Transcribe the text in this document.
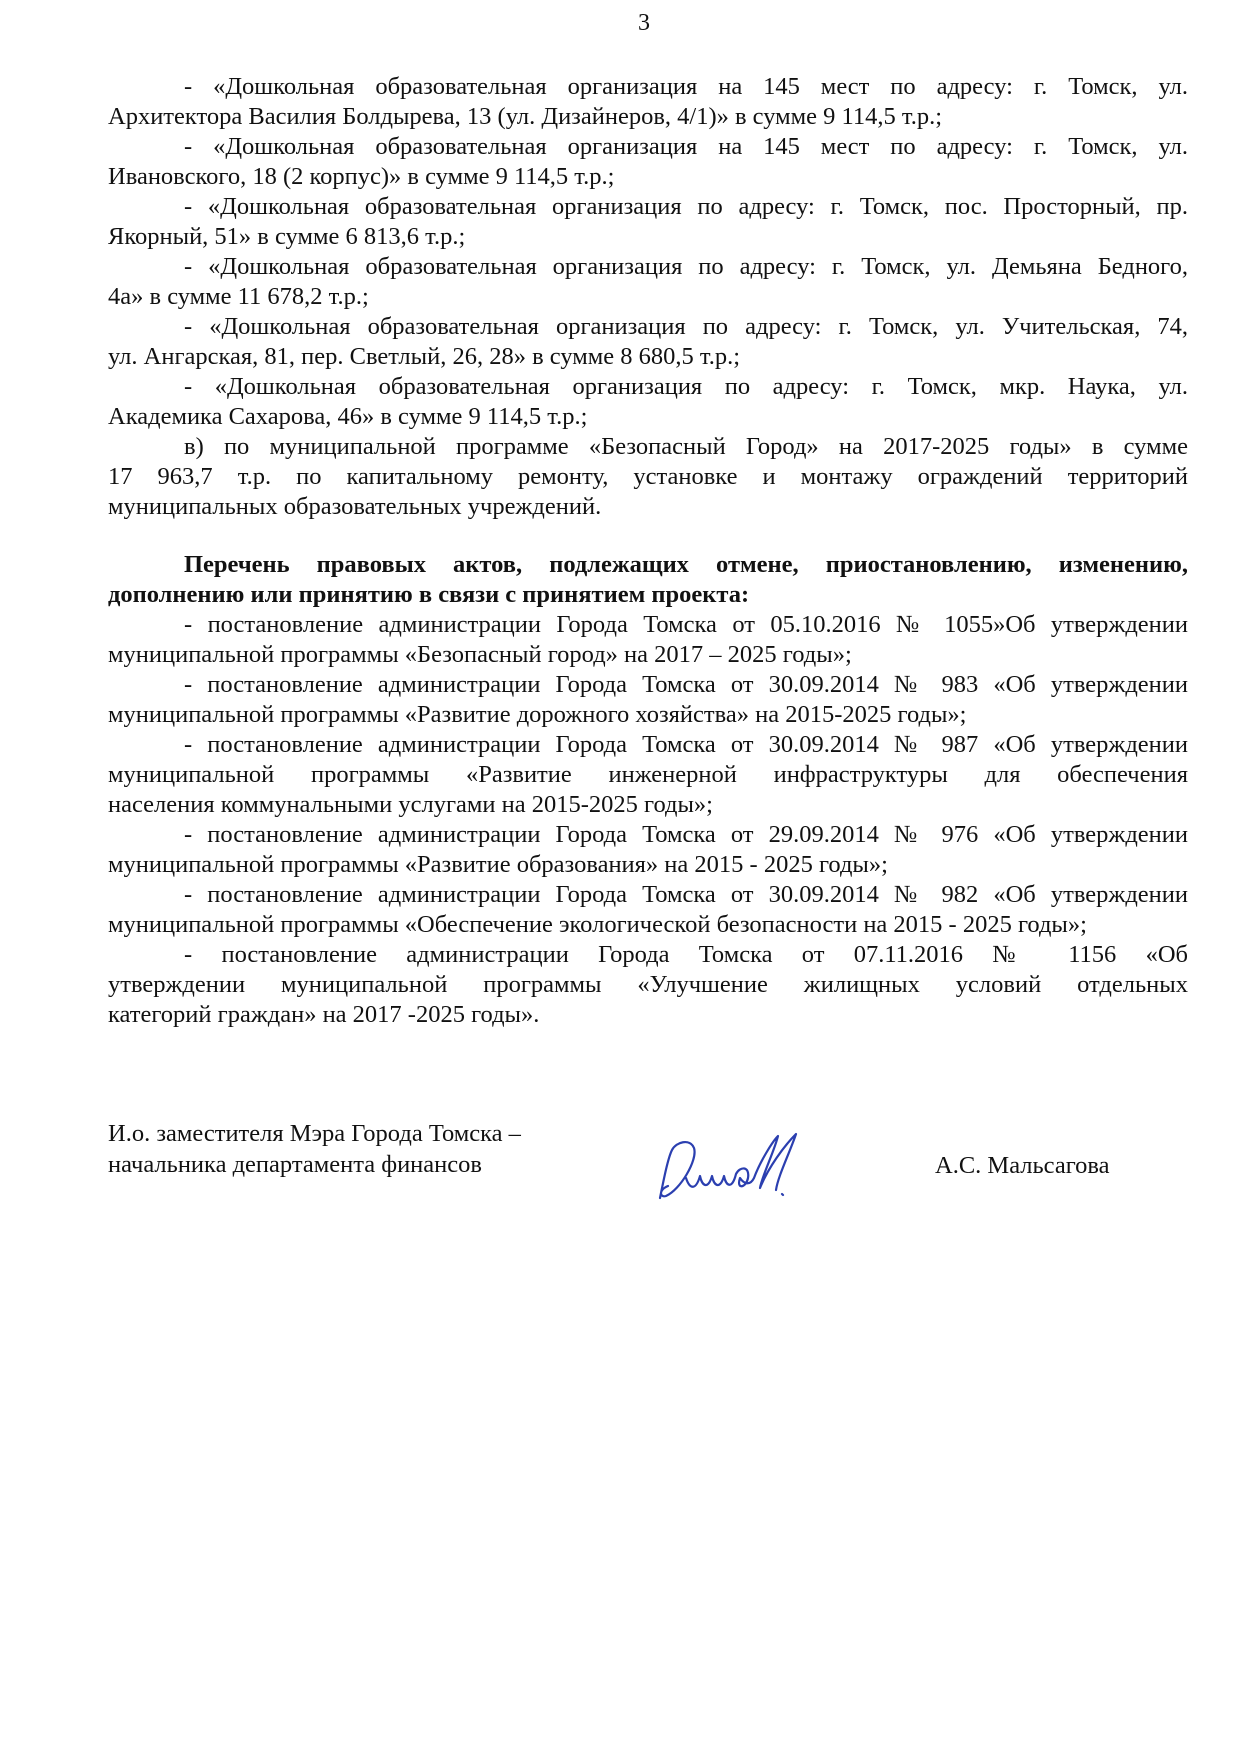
3
- «Дошкольная образовательная организация на 145 мест по адресу: г. Томск, ул.
Архитектора Василия Болдырева, 13 (ул. Дизайнеров, 4/1)» в сумме 9 114,5 т.р.;
- «Дошкольная образовательная организация на 145 мест по адресу: г. Томск, ул.
Ивановского, 18 (2 корпус)» в сумме 9 114,5 т.р.;
- «Дошкольная образовательная организация по адресу: г. Томск, пос. Просторный, пр.
Якорный, 51» в сумме 6 813,6 т.р.;
- «Дошкольная образовательная организация по адресу: г. Томск, ул. Демьяна Бедного,
4а» в сумме 11 678,2 т.р.;
- «Дошкольная образовательная организация по адресу: г. Томск, ул. Учительская, 74,
ул. Ангарская, 81, пер. Светлый, 26, 28» в сумме 8 680,5 т.р.;
- «Дошкольная образовательная организация по адресу: г. Томск, мкр. Наука, ул.
Академика Сахарова, 46» в сумме 9 114,5 т.р.;
в) по муниципальной программе «Безопасный Город» на 2017-2025 годы» в сумме
17 963,7 т.р. по капитальному ремонту, установке и монтажу ограждений территорий
муниципальных образовательных учреждений.
Перечень правовых актов, подлежащих отмене, приостановлению, изменению,
дополнению или принятию в связи с принятием проекта:
- постановление администрации Города Томска от 05.10.2016 № 1055»Об утверждении
муниципальной программы «Безопасный город» на 2017 – 2025 годы»;
- постановление администрации Города Томска от 30.09.2014 № 983 «Об утверждении
муниципальной программы «Развитие дорожного хозяйства» на 2015-2025 годы»;
- постановление администрации Города Томска от 30.09.2014 № 987 «Об утверждении
муниципальной программы «Развитие инженерной инфраструктуры для обеспечения
населения коммунальными услугами на 2015-2025 годы»;
- постановление администрации Города Томска от 29.09.2014 № 976 «Об утверждении
муниципальной программы «Развитие образования» на 2015 - 2025 годы»;
- постановление администрации Города Томска от 30.09.2014 № 982 «Об утверждении
муниципальной программы «Обеспечение экологической безопасности на 2015 - 2025 годы»;
- постановление администрации Города Томска от 07.11.2016 № 1156 «Об
утверждении муниципальной программы «Улучшение жилищных условий отдельных
категорий граждан» на 2017 -2025 годы».
И.о. заместителя Мэра Города Томска –
начальника департамента финансов	А.С. Мальсагова
